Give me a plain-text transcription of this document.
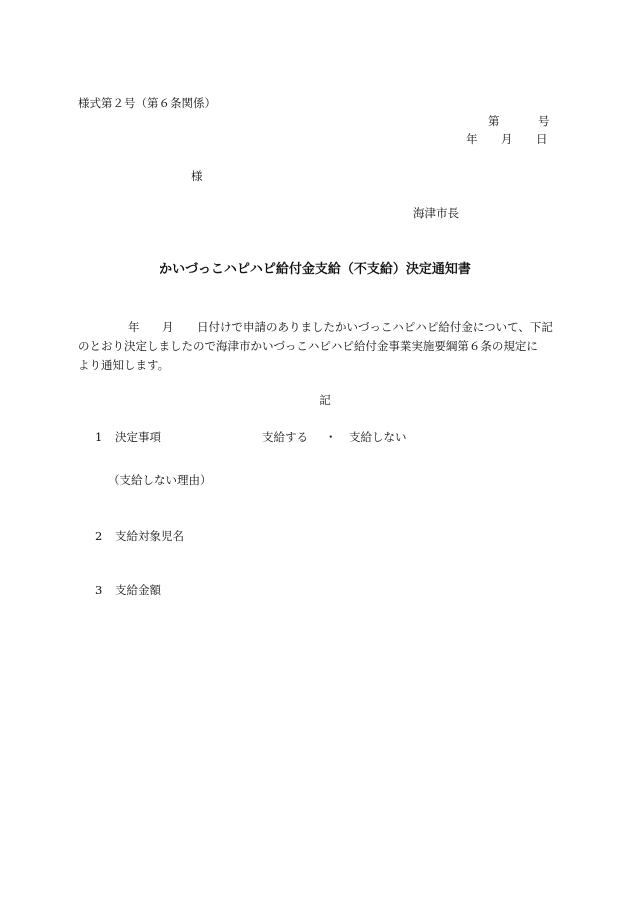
様式第２号（第６条関係）
第	号
年 月 日
様
海津市長
かいづっこハピハピ給付金支給（不支給）決定通知書
年 月 日付けで申請のありましたかいづっこハピハピ給付金について、下記
のとおり決定しましたので海津市かいづっこハピハピ給付金事業実施要綱第６条の規定に
より通知します。
記
1 決定事項	支給する ・ 支給しない
（支給しない理由）
2 支給対象児名
3 支給金額
